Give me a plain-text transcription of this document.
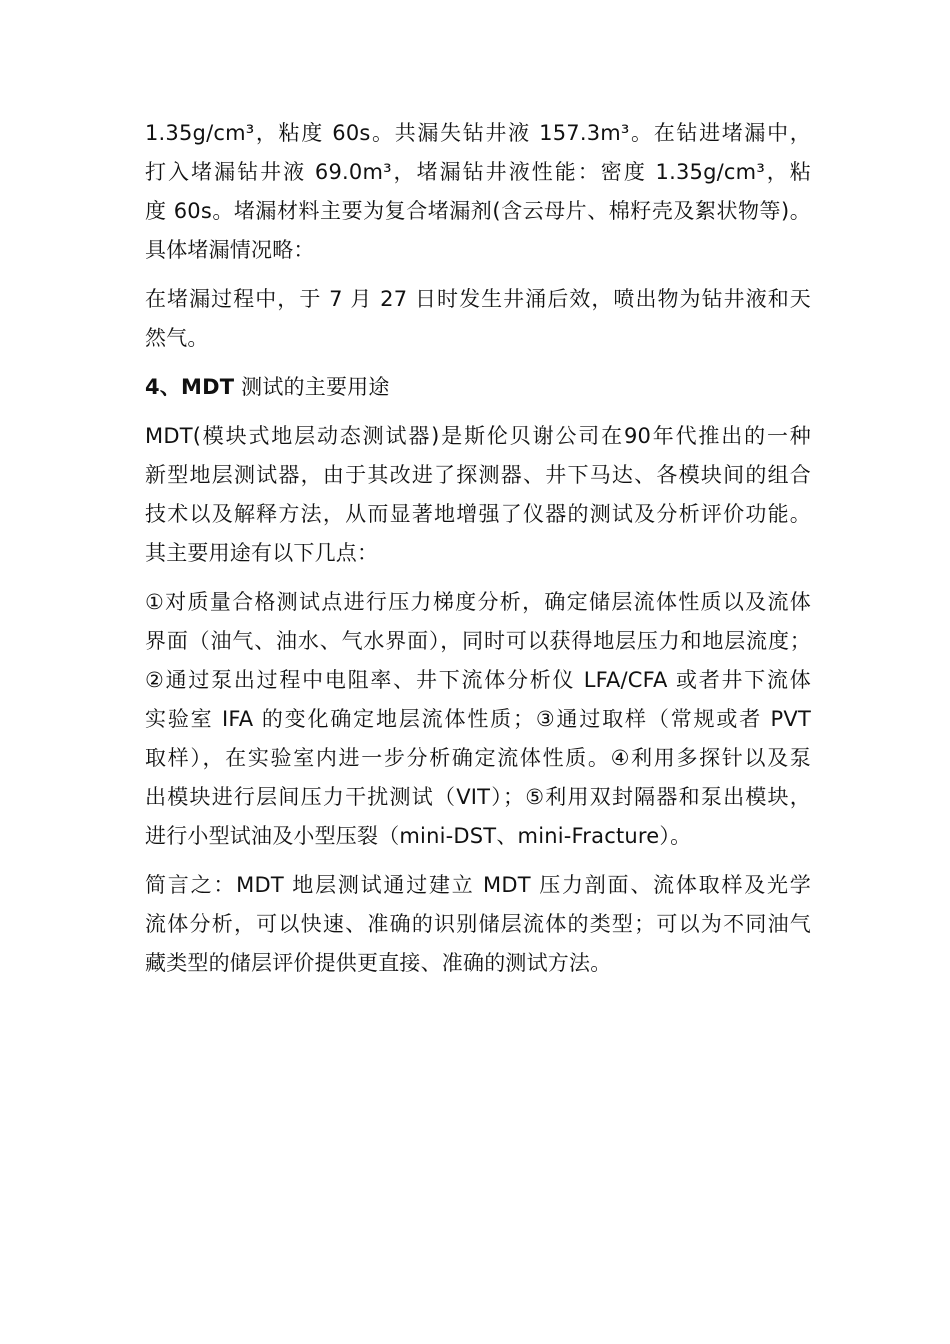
1.35g/cm³，粘度 60s。共漏失钻井液 157.3m³。在钻进堵漏中，
打入堵漏钻井液 69.0m³，堵漏钻井液性能：密度 1.35g/cm³，粘
度 60s。堵漏材料主要为复合堵漏剂(含云母片、棉籽壳及絮状物等)。
具体堵漏情况略：
在堵漏过程中，于 7 月 27 日时发生井涌后效，喷出物为钻井液和天
然气。
4、MDT 测试的主要用途
MDT(模块式地层动态测试器)是斯伦贝谢公司在90年代推出的一种
新型地层测试器，由于其改进了探测器、井下马达、各模块间的组合
技术以及解释方法，从而显著地增强了仪器的测试及分析评价功能。
其主要用途有以下几点：
①对质量合格测试点进行压力梯度分析，确定储层流体性质以及流体
界面（油气、油水、气水界面），同时可以获得地层压力和地层流度；
②通过泵出过程中电阻率、井下流体分析仪 LFA/CFA 或者井下流体
实验室 IFA 的变化确定地层流体性质；③通过取样（常规或者 PVT
取样），在实验室内进一步分析确定流体性质。④利用多探针以及泵
出模块进行层间压力干扰测试（VIT）；⑤利用双封隔器和泵出模块，
进行小型试油及小型压裂（mini-DST、mini-Fracture）。
简言之：MDT 地层测试通过建立 MDT 压力剖面、流体取样及光学
流体分析，可以快速、准确的识别储层流体的类型；可以为不同油气
藏类型的储层评价提供更直接、准确的测试方法。
